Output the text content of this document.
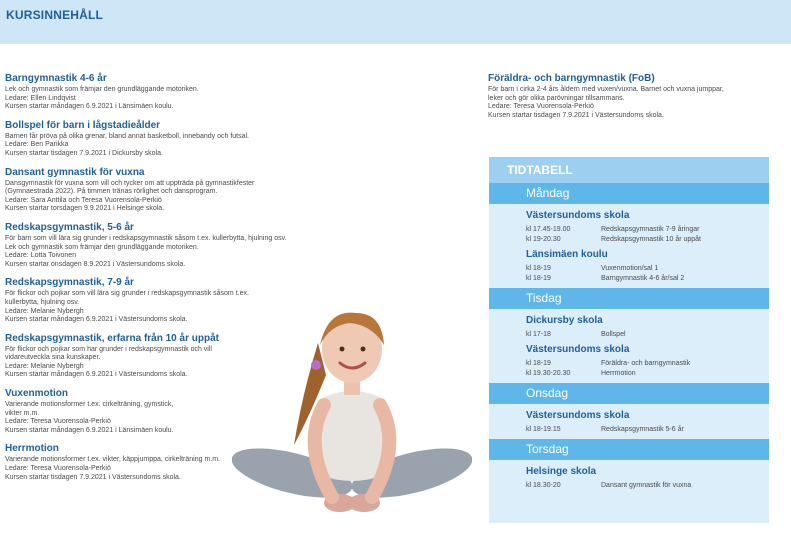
KURSINNEHÅLL
Barngymnastik 4-6 år

Lek och gymnastik som främjar den grundläggande motoriken.

Ledare: Ellen Lindqvist

Kursen startar måndagen 6.9.2021 i Länsimäen koulu.

Bollspel för barn i lågstadieålder

Barnen får pröva på olika grenar, bland annat basketboll, innebandy och futsal.

Ledare: Ben Parikka

Kursen startar tisdagen 7.9.2021 i Dickursby skola.

Dansant gymnastik för vuxna

Dansgymnastik för vuxna som vill och tycker om att uppträda på gymnastikfester

(Gymnaestrada 2022). På timmen tränas rörlighet och dansprogram.

Ledare: Sara Anttila och Teresa Vuorensola-Perkiö

Kursen startar torsdagen 9.9.2021 i Helsinge skola.

Redskapsgymnastik, 5-6 år

För barn som vill lära sig grunder i redskapsgymnastik såsom t.ex. kullerbytta, hjulning osv.

Lek och gymnastik som främjar den grundläggande motoriken.

Ledare: Lotta Toivonen

Kursen startar onsdagen 8.9.2021 i Västersundoms skola.

Redskapsgymnastik, 7-9 år

För flickor och pojkar som vill lära sig grunder i redskapsgymnastik såsom t.ex.

kullerbytta, hjulning osv.

Ledare: Melanie Nybergh

Kursen startar måndagen 6.9.2021 i Västersundoms skola.

Redskapsgymnastik, erfarna från 10 år uppåt

För flickor och pojkar som har grunder i redskapsgymnastik och vill

vidareutveckla sina kunskaper.

Ledare: Melanie Nybergh

Kursen startar måndagen 6.9.2021 i Västersundoms skola.

Vuxenmotion

Varierande motionsformer t.ex. cirkelträning, gymstick,

vikter m.m.

Ledare: Teresa Vuorensola-Perkiö

Kursen startar måndagen 6.9.2021 i Länsimäen koulu.

Herrmotion

Varierande motionsformer t.ex. vikter, käppjumppa, cirkelträning m.m.

Ledare: Teresa Vuorensola-Perkiö

Kursen startar tisdagen 7.9.2021 i Västersundoms skola.

Föräldra- och barngymnastik (FoB)

För barn i cirka 2-4 års åldern med vuxen/vuxna. Barnet och vuxna jumppar,

leker och gör olika parövningar tillsammans.

Ledare: Teresa Vuorensola-Perkiö

Kursen startar tisdagen 7.9.2021 i Västersundoms skola.

TIDTABELL
Måndag
Västersundoms skola
kl 17.45-19.00	Redskapsgymnastik 7-9 åringar
kl 19-20.30	Redskapsgymnastik 10 år uppåt
Länsimäen koulu
kl 18-19	Vuxenmotion/sal 1
kl 18-19	Barngymnastik 4-6 år/sal 2
Tisdag
Dickursby skola
kl 17-18	Bollspel
Västersundoms skola
kl 18-19	Föräldra- och barngymnastik
kl 19.30-20.30	Herrmotion
Onsdag
Västersundoms skola
kl 18-19.15	Redskapsgymnastik 5-6 år
Torsdag
Helsinge skola
kl 18.30-20	Dansant gymnastik för vuxna
